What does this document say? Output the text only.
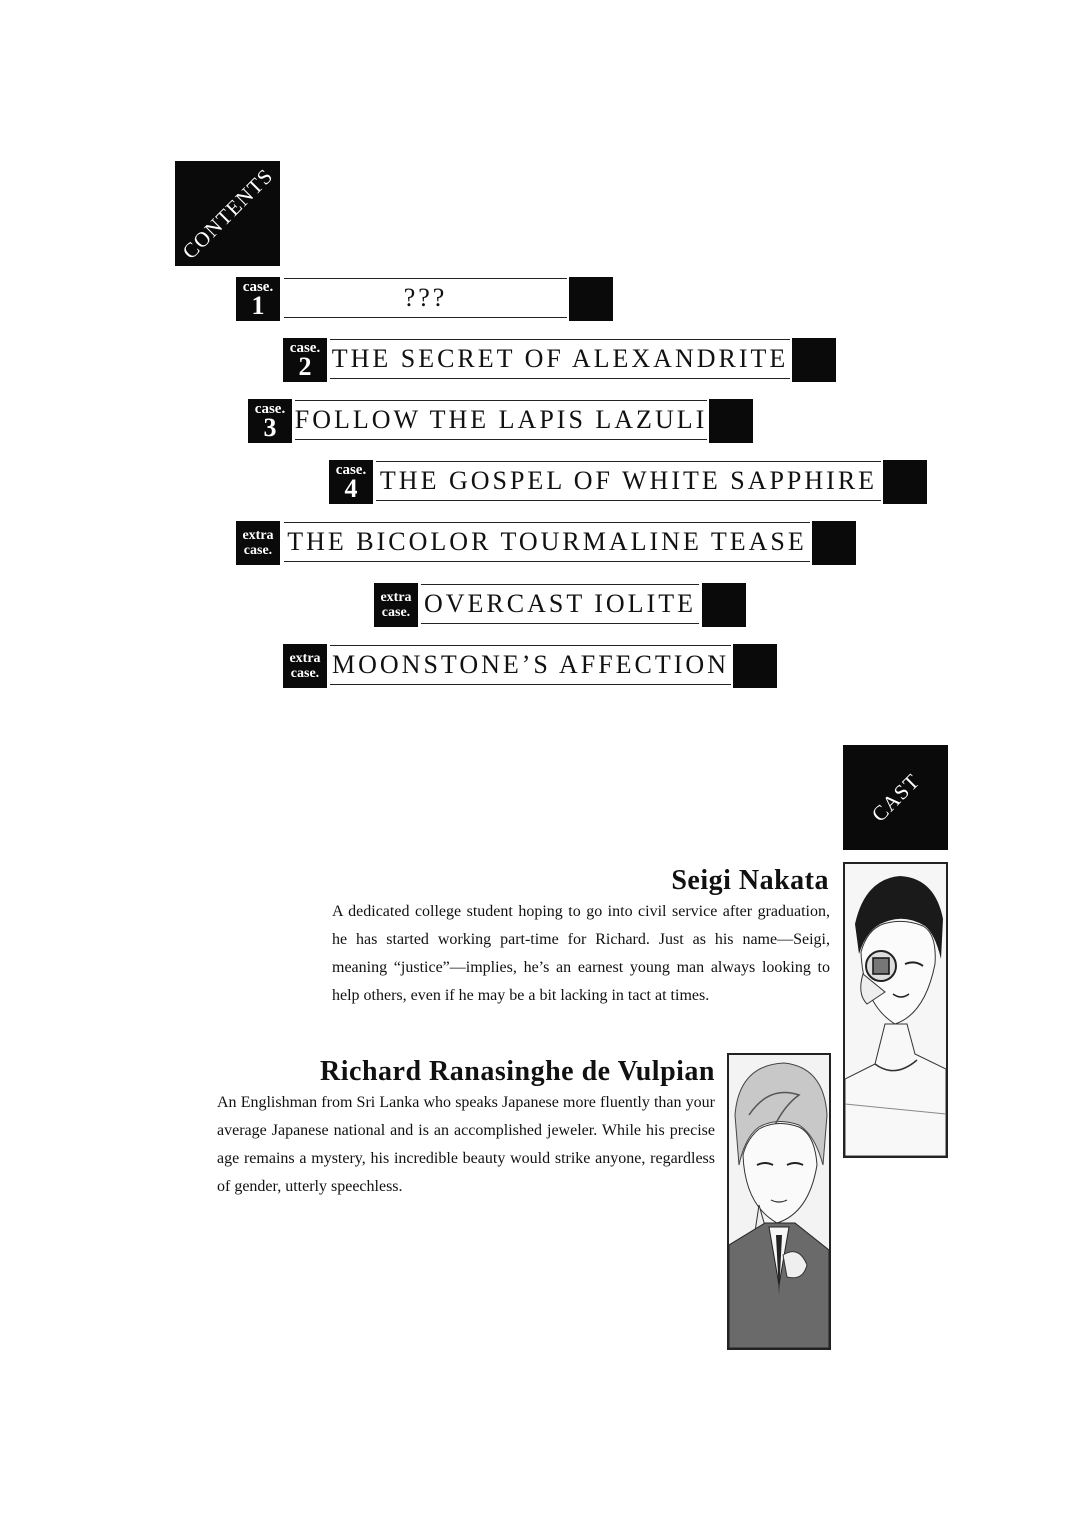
CONTENTS
case.
1	???
case.
2 THE SECRET OF ALEXANDRITE
case.
3 FOLLOW THE LAPIS LAZULI
case.
4 THE GOSPEL OF WHITE SAPPHIRE
extra case. THE BICOLOR TOURMALINE TEASE
extra case. OVERCAST IOLITE
extra case. MOONSTONE’S AFFECTION
CAST
Seigi Nakata
A dedicated college student hoping to go into civil service after graduation, he has started working part-time for Richard. Just as his name—Seigi, meaning “justice”—implies, he’s an earnest young man always looking to help others, even if he may be a bit lacking in tact at times.
Richard Ranasinghe de Vulpian
An Englishman from Sri Lanka who speaks Japanese more fluently than your average Japanese national and is an accomplished jeweler. While his precise age remains a mystery, his incredible beauty would strike anyone, regardless of gender, utterly speechless.
